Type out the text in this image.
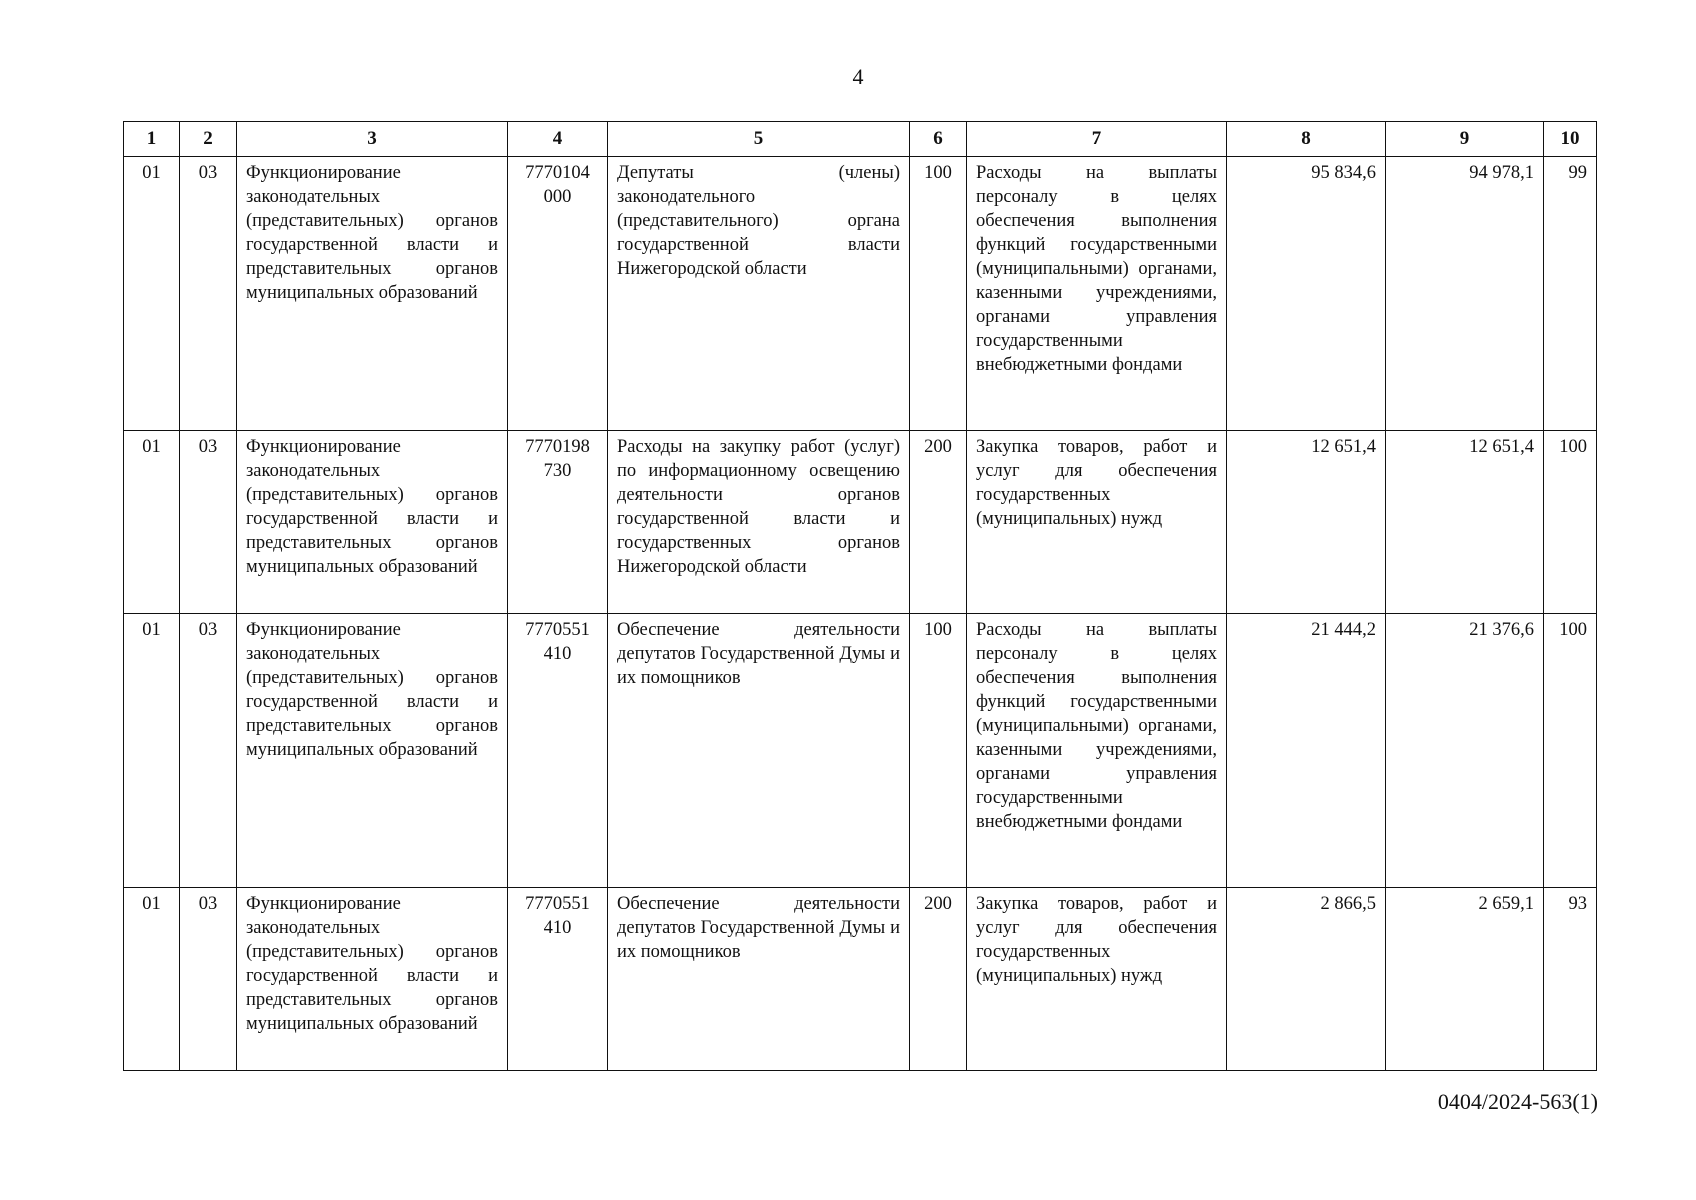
4
1	2	3	4	5	6	7	8	9	10
01	03	Функционирование законодательных (представительных) органов государственной власти и представительных органов муниципальных образований	7770104 000	Депутаты (члены) законодательного (представительного) органа государственной власти Нижегородской области	100	Расходы на выплаты персоналу в целях обеспечения выполнения функций государственными (муниципальными) органами, казенными учреждениями, органами управления государственными внебюджетными фондами	95 834,6	94 978,1	99
01	03	Функционирование законодательных (представительных) органов государственной власти и представительных органов муниципальных образований	7770198 730	Расходы на закупку работ (услуг) по информационному освещению деятельности органов государственной власти и государственных органов Нижегородской области	200	Закупка товаров, работ и услуг для обеспечения государственных (муниципальных) нужд	12 651,4	12 651,4	100
01	03	Функционирование законодательных (представительных) органов государственной власти и представительных органов муниципальных образований	7770551 410	Обеспечение деятельности депутатов Государственной Думы и их помощников	100	Расходы на выплаты персоналу в целях обеспечения выполнения функций государственными (муниципальными) органами, казенными учреждениями, органами управления государственными внебюджетными фондами	21 444,2	21 376,6	100
01	03	Функционирование законодательных (представительных) органов государственной власти и представительных органов муниципальных образований	7770551 410	Обеспечение деятельности депутатов Государственной Думы и их помощников	200	Закупка товаров, работ и услуг для обеспечения государственных (муниципальных) нужд	2 866,5	2 659,1	93
0404/2024-563(1)
